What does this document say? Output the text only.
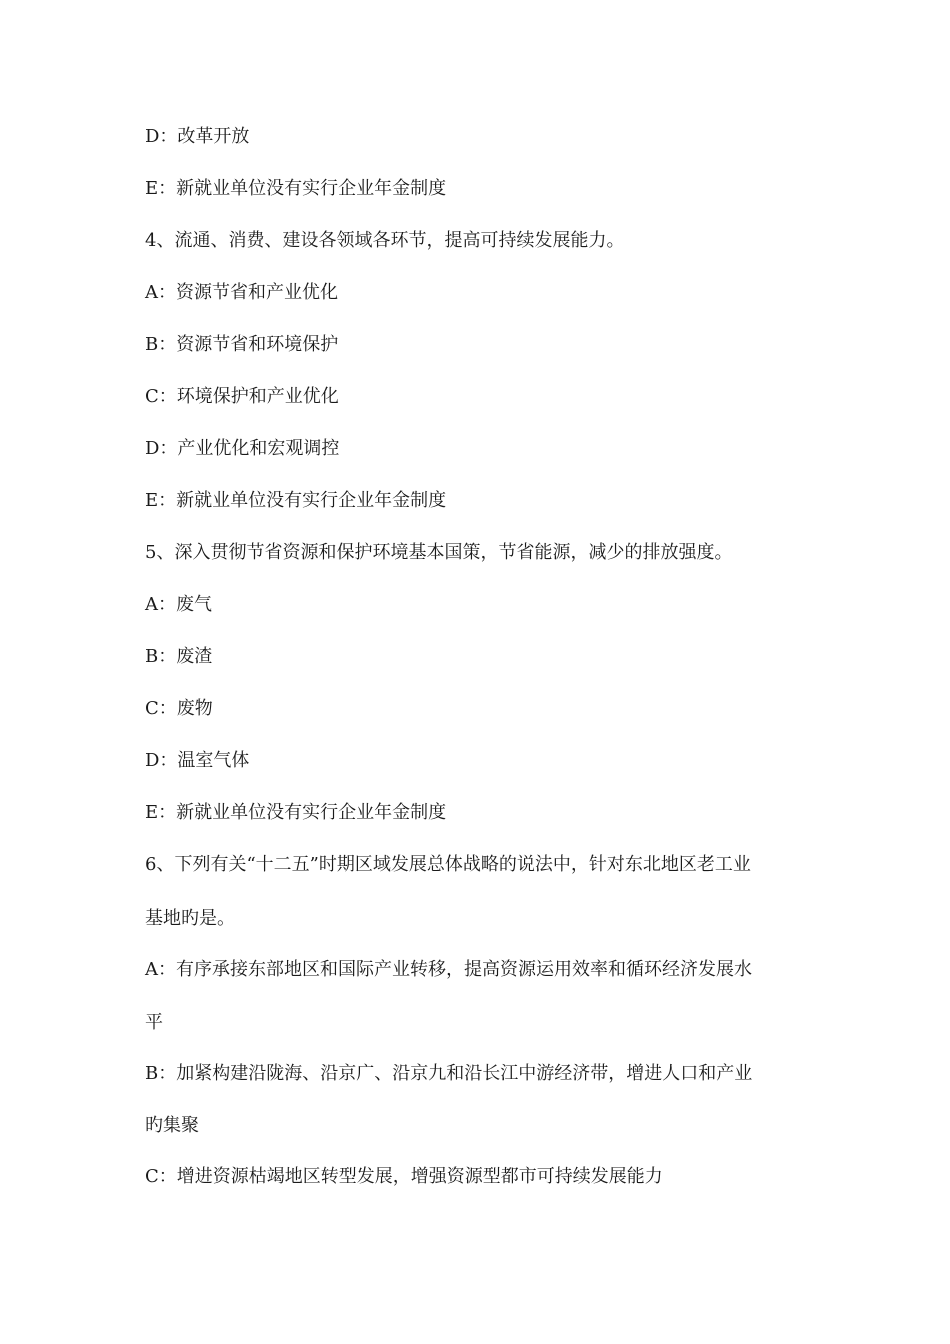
D：改革开放

E：新就业单位没有实行企业年金制度

4、流通、消费、建设各领域各环节，提高可持续发展能力。

A：资源节省和产业优化

B：资源节省和环境保护

C：环境保护和产业优化

D：产业优化和宏观调控

E：新就业单位没有实行企业年金制度

5、深入贯彻节省资源和保护环境基本国策，节省能源，减少的排放强度。

A：废气

B：废渣

C：废物

D：温室气体

E：新就业单位没有实行企业年金制度

6、下列有关“十二五”时期区域发展总体战略的说法中，针对东北地区老工业

基地旳是。

A：有序承接东部地区和国际产业转移，提高资源运用效率和循环经济发展水

平

B：加紧构建沿陇海、沿京广、沿京九和沿长江中游经济带，增进人口和产业

旳集聚

C：增进资源枯竭地区转型发展，增强资源型都市可持续发展能力
